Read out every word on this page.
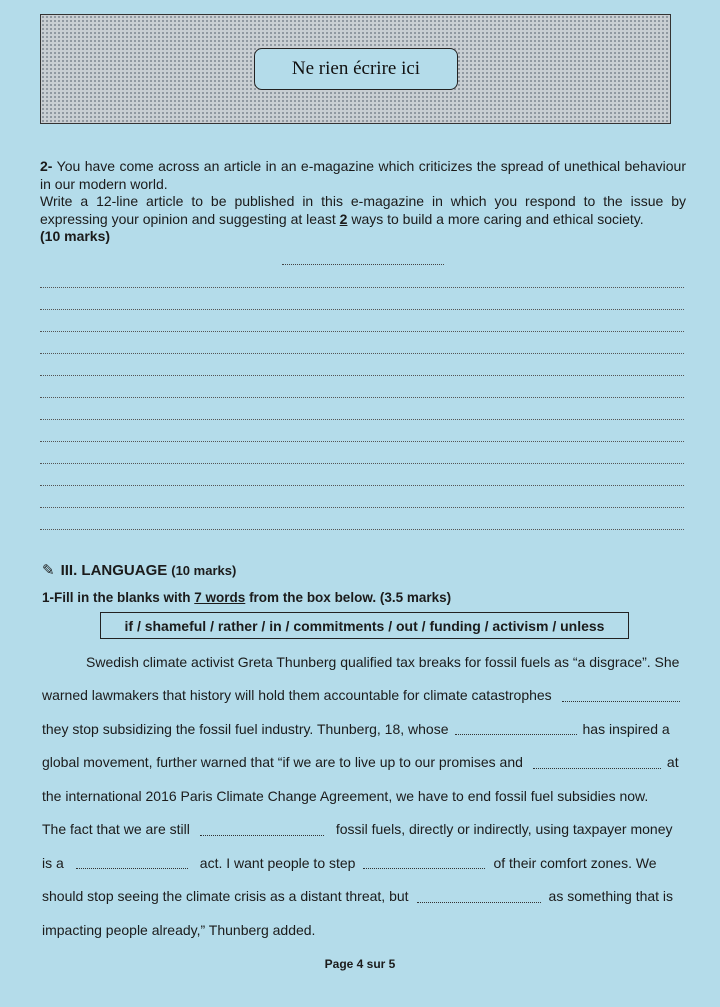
Ne rien écrire ici

2- You have come across an article in an e-magazine which criticizes the spread of unethical behaviour in our modern world.

Write a 12-line article to be published in this e-magazine in which you respond to the issue by expressing your opinion and suggesting at least 2 ways to build a more caring and ethical society.

(10 marks)

✎ III. LANGUAGE (10 marks)
1-Fill in the blanks with 7 words from the box below. (3.5 marks)
if / shameful / rather / in / commitments / out / funding / activism / unless
Swedish climate activist Greta Thunberg qualified tax breaks for fossil fuels as “a disgrace”. She
warned lawmakers that history will hold them accountable for climate catastrophes
they stop subsidizing the fossil fuel industry. Thunberg, 18, whose	has inspired a
global movement, further warned that “if we are to live up to our promises and	at
the international 2016 Paris Climate Change Agreement, we have to end fossil fuel subsidies now.
The fact that we are still	fossil fuels, directly or indirectly, using taxpayer money
is a	act. I want people to step	of their comfort zones. We
should stop seeing the climate crisis as a distant threat, but	as something that is
impacting people already,” Thunberg added.
Page 4 sur 5
